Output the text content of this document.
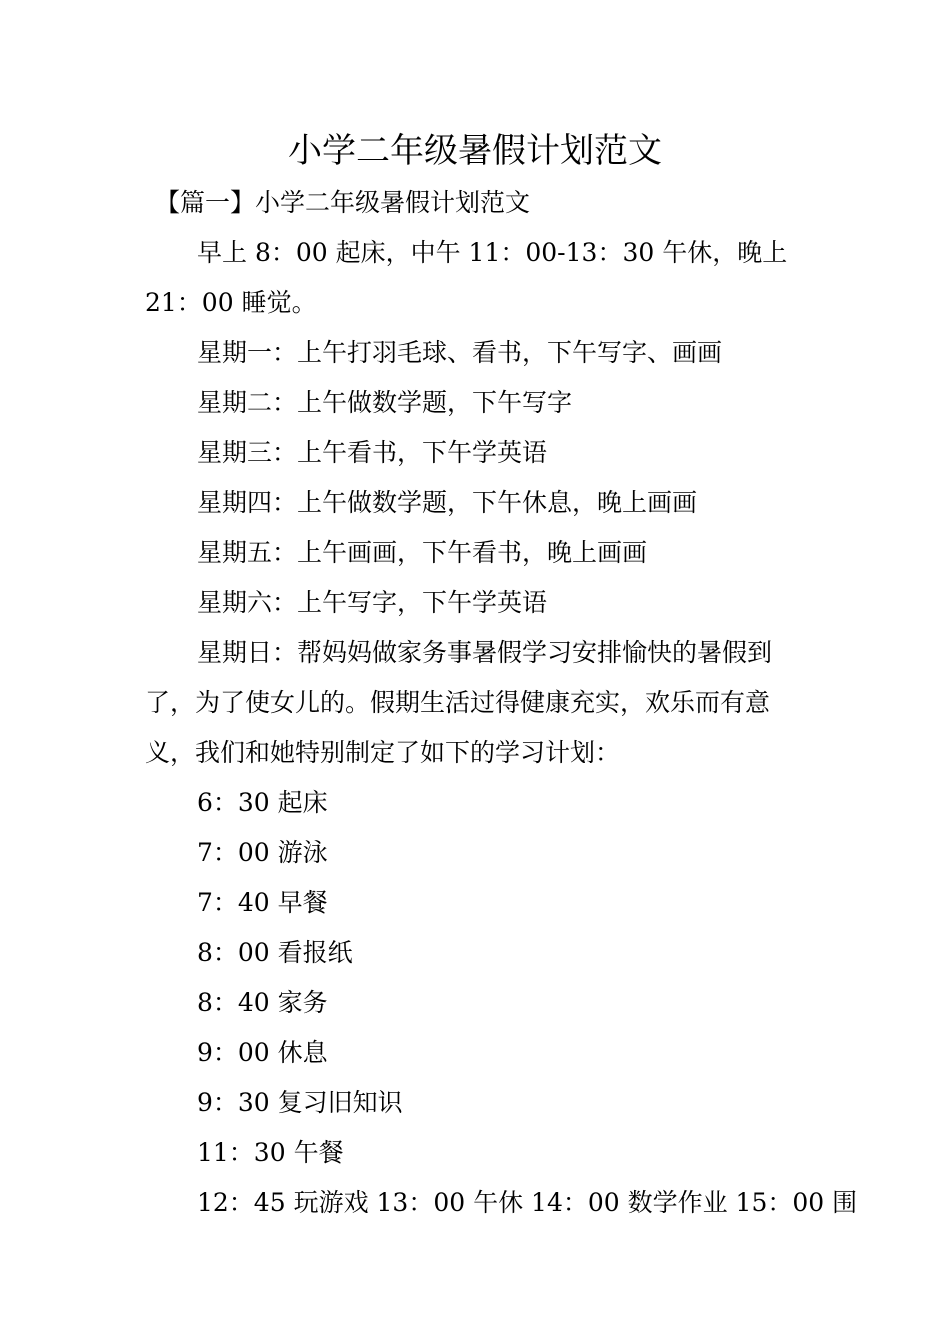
小学二年级暑假计划范文
【篇一】小学二年级暑假计划范文
早上 8：00 起床，中午 11：00-13：30 午休，晚上
21：00 睡觉。
星期一：上午打羽毛球、看书，下午写字、画画
星期二：上午做数学题，下午写字
星期三：上午看书，下午学英语
星期四：上午做数学题，下午休息，晚上画画
星期五：上午画画，下午看书，晚上画画
星期六：上午写字，下午学英语
星期日：帮妈妈做家务事暑假学习安排愉快的暑假到
了，为了使女儿的。假期生活过得健康充实，欢乐而有意
义，我们和她特别制定了如下的学习计划：
6：30 起床
7：00 游泳
7：40 早餐
8：00 看报纸
8：40 家务
9：00 休息
9：30 复习旧知识
11：30 午餐
12：45 玩游戏 13：00 午休 14：00 数学作业 15：00 围
